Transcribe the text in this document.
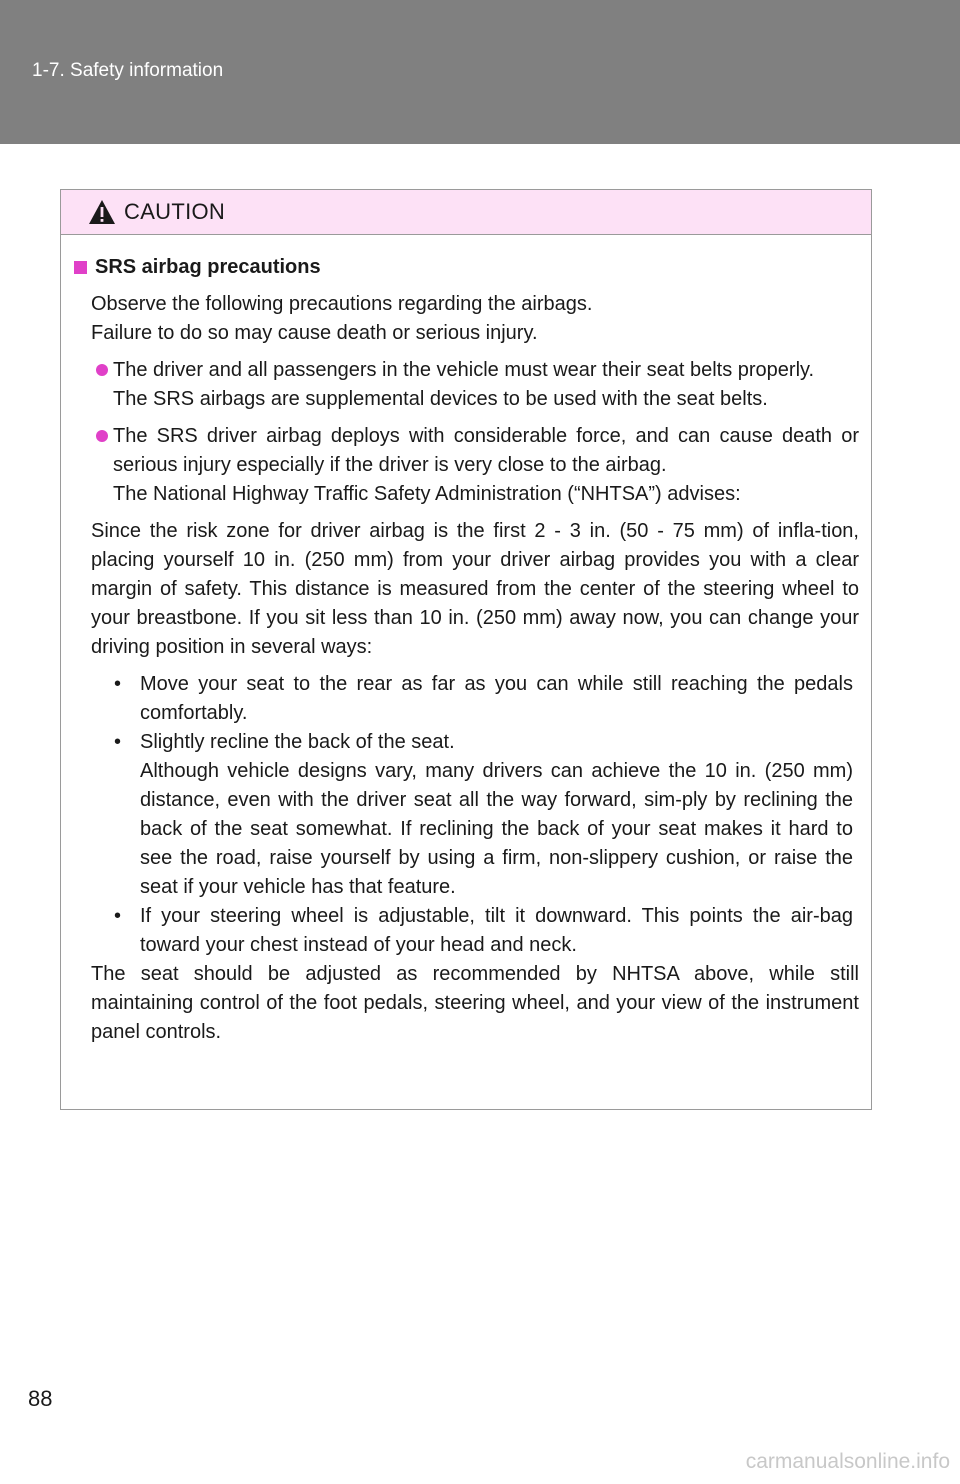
1-7. Safety information
CAUTION
SRS airbag precautions
Observe the following precautions regarding the airbags.
Failure to do so may cause death or serious injury.
The driver and all passengers in the vehicle must wear their seat belts properly.
The SRS airbags are supplemental devices to be used with the seat belts.
The SRS driver airbag deploys with considerable force, and can cause death or serious injury especially if the driver is very close to the airbag.
The National Highway Traffic Safety Administration (“NHTSA”) advises:
Since the risk zone for driver airbag is the first 2 - 3 in. (50 - 75 mm) of infla-tion, placing yourself 10 in. (250 mm) from your driver airbag provides you with a clear margin of safety. This distance is measured from the center of the steering wheel to your breastbone. If you sit less than 10 in. (250 mm) away now, you can change your driving position in several ways:
• Move your seat to the rear as far as you can while still reaching the pedals comfortably.
• Slightly recline the back of the seat.
Although vehicle designs vary, many drivers can achieve the 10 in. (250 mm) distance, even with the driver seat all the way forward, sim-ply by reclining the back of the seat somewhat. If reclining the back of your seat makes it hard to see the road, raise yourself by using a firm, non-slippery cushion, or raise the seat if your vehicle has that feature.
• If your steering wheel is adjustable, tilt it downward. This points the air-bag toward your chest instead of your head and neck.
The seat should be adjusted as recommended by NHTSA above, while still maintaining control of the foot pedals, steering wheel, and your view of the instrument panel controls.
88
carmanualsonline.info
